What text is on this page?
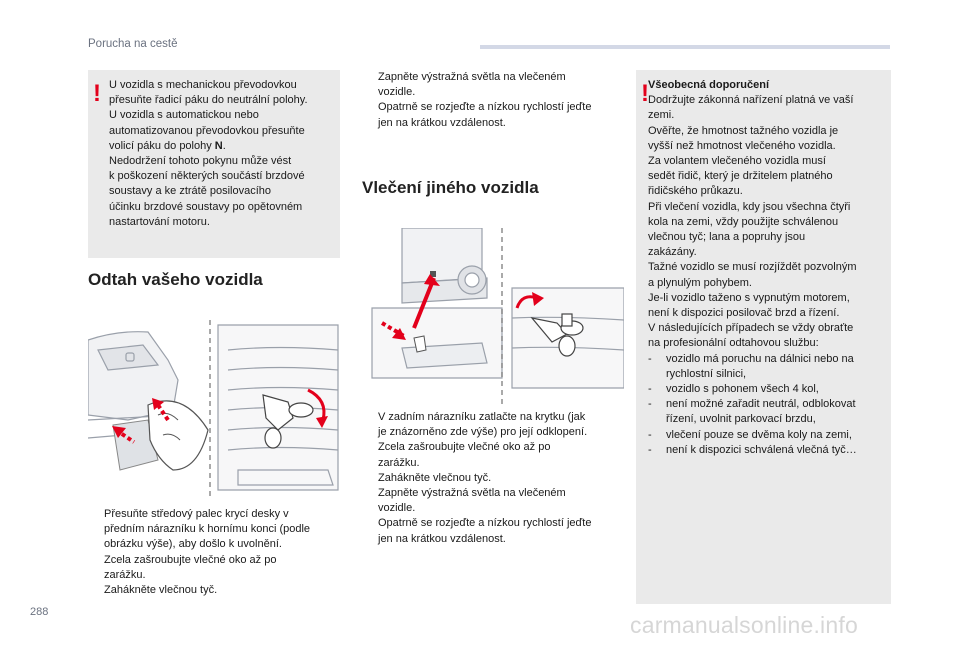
Porucha na cestě
! U vozidla s mechanickou převodovkou
přesuňte řadicí páku do neutrální polohy.
U vozidla s automatickou nebo
automatizovanou převodovkou přesuňte
volicí páku do polohy N.
Nedodržení tohoto pokynu může vést
k poškození některých součástí brzdové
soustavy a ke ztrátě posilovacího
účinku brzdové soustavy po opětovném
nastartování motoru.
Odtah vašeho vozidla
Přesuňte středový palec krycí desky v
předním nárazníku k hornímu konci (podle
obrázku výše), aby došlo k uvolnění.
Zcela zašroubujte vlečné oko až po
zarážku.
Zahákněte vlečnou tyč.
Zapněte výstražná světla na vlečeném
vozidle.
Opatrně se rozjeďte a nízkou rychlostí jeďte
jen na krátkou vzdálenost.
Vlečení jiného vozidla
V zadním nárazníku zatlačte na krytku (jak
je znázorněno zde výše) pro její odklopení.
Zcela zašroubujte vlečné oko až po
zarážku.
Zahákněte vlečnou tyč.
Zapněte výstražná světla na vlečeném
vozidle.
Opatrně se rozjeďte a nízkou rychlostí jeďte
jen na krátkou vzdálenost.
! Všeobecná doporučení
Dodržujte zákonná nařízení platná ve vaší
zemi.
Ověřte, že hmotnost tažného vozidla je
vyšší než hmotnost vlečeného vozidla.
Za volantem vlečeného vozidla musí
sedět řidič, který je držitelem platného
řidičského průkazu.
Při vlečení vozidla, kdy jsou všechna čtyři
kola na zemi, vždy použijte schválenou
vlečnou tyč; lana a popruhy jsou
zakázány.
Tažné vozidlo se musí rozjíždět pozvolným
a plynulým pohybem.
Je-li vozidlo taženo s vypnutým motorem,
není k dispozici posilovač brzd a řízení.
V následujících případech se vždy obraťte
na profesionální odtahovou službu:
- vozidlo má poruchu na dálnici nebo na
rychlostní silnici,
- vozidlo s pohonem všech 4 kol,
- není možné zařadit neutrál, odblokovat
řízení, uvolnit parkovací brzdu,
- vlečení pouze se dvěma koly na zemi,
- není k dispozici schválená vlečná tyč…
288	carmanualsonline.info
